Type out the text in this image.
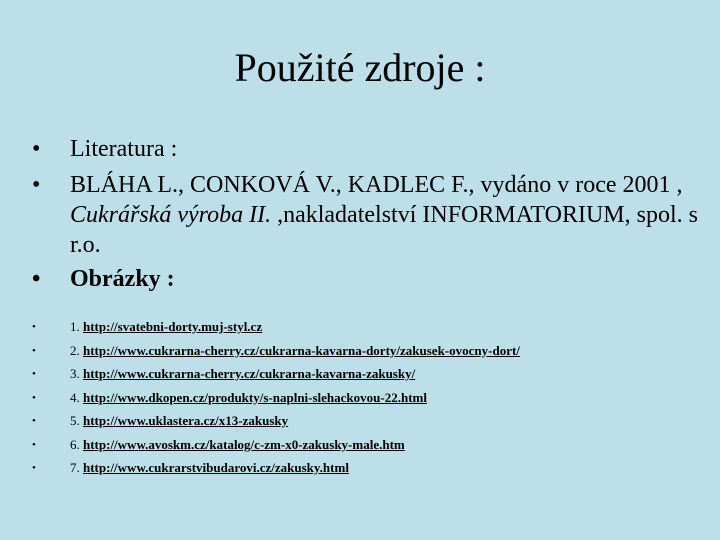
Použité zdroje :
• Literatura :
• BLÁHA L., CONKOVÁ V., KADLEC F., vydáno v roce 2001 , Cukrářská výroba II. ,nakladatelství INFORMATORIUM, spol. s r.o.
• Obrázky :
•	1. http://svatebni-dorty.muj-styl.cz
•	2. http://www.cukrarna-cherry.cz/cukrarna-kavarna-dorty/zakusek-ovocny-dort/
•	3. http://www.cukrarna-cherry.cz/cukrarna-kavarna-zakusky/
•	4. http://www.dkopen.cz/produkty/s-naplni-slehackovou-22.html
•	5. http://www.uklastera.cz/x13-zakusky
•	6. http://www.avoskm.cz/katalog/c-zm-x0-zakusky-male.htm
•	7. http://www.cukrarstvibudarovi.cz/zakusky.html
